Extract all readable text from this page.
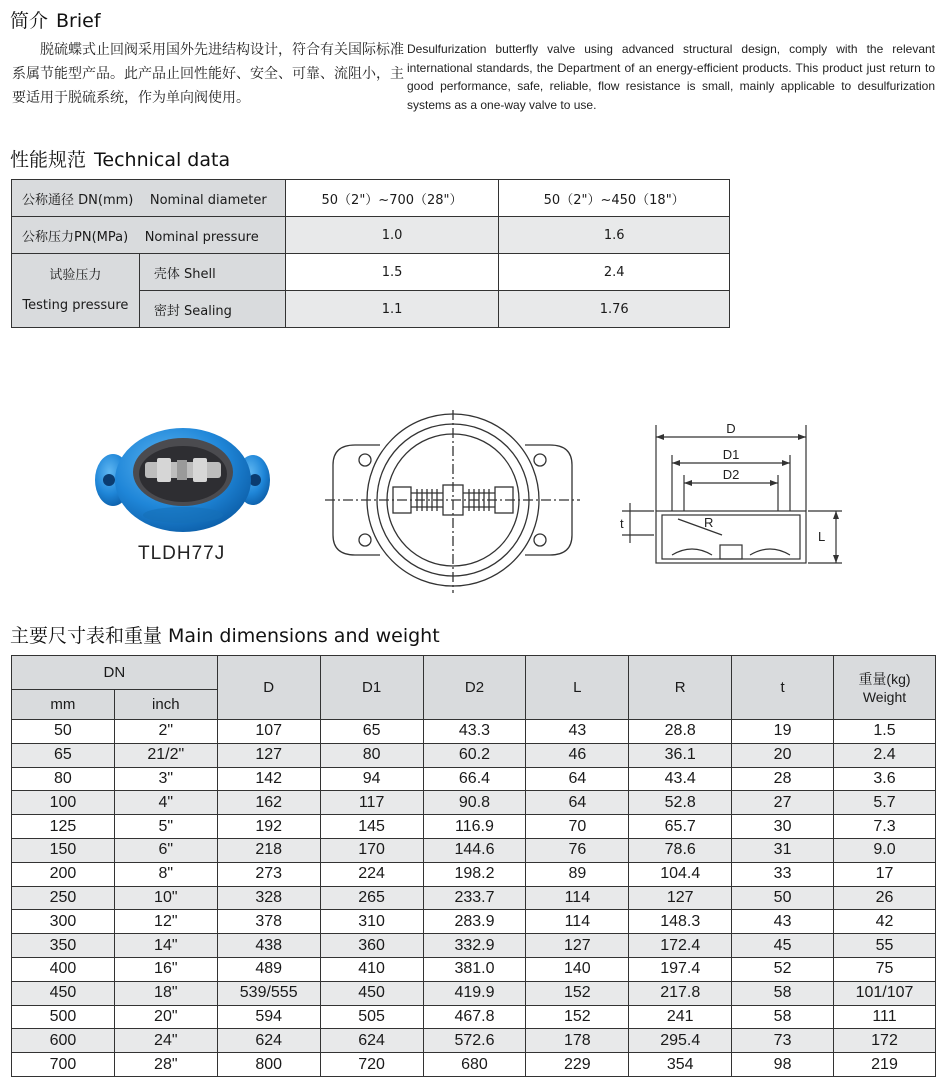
简介 Brief
脱硫蝶式止回阀采用国外先进结构设计，符合有关国际标准系属节能型产品。此产品止回性能好、安全、可靠、流阻小，主要适用于脱硫系统，作为单向阀使用。
Desulfurization butterfly valve using advanced structural design, comply with the relevant international standards, the Department of an energy-efficient products. This product just return to good performance, safe, reliable, flow resistance is small, mainly applicable to desulfurization systems as a one-way valve to use.
性能规范 Technical data
公称通径 DN(mm) Nominal diameter		50（2"）~700（28"）	50（2"）~450（18"）
公称压力PN(MPa) Nominal pressure		1.0	1.6

试验压力
Testing pressure	壳体 Shell	1.5	2.4
	密封 Sealing	1.1	1.76
TLDH77J
D
D1
D2
R
L
t
主要尺寸表和重量 Main dimensions and weight
DN		D	D1	D2	L	R	t	重量(kg)
Weight

mm	inch							
50	2"	107	65	43.3	43	28.8	19	1.5
65	21/2"	127	80	60.2	46	36.1	20	2.4
80	3"	142	94	66.4	64	43.4	28	3.6
100	4"	162	117	90.8	64	52.8	27	5.7
125	5"	192	145	116.9	70	65.7	30	7.3
150	6"	218	170	144.6	76	78.6	31	9.0
200	8"	273	224	198.2	89	104.4	33	17
250	10"	328	265	233.7	114	127	50	26
300	12"	378	310	283.9	114	148.3	43	42
350	14"	438	360	332.9	127	172.4	45	55
400	16"	489	410	381.0	140	197.4	52	75
450	18"	539/555	450	419.9	152	217.8	58	101/107
500	20"	594	505	467.8	152	241	58	111
600	24"	624	624	572.6	178	295.4	73	172
700	28"	800	720	680	229	354	98	219
